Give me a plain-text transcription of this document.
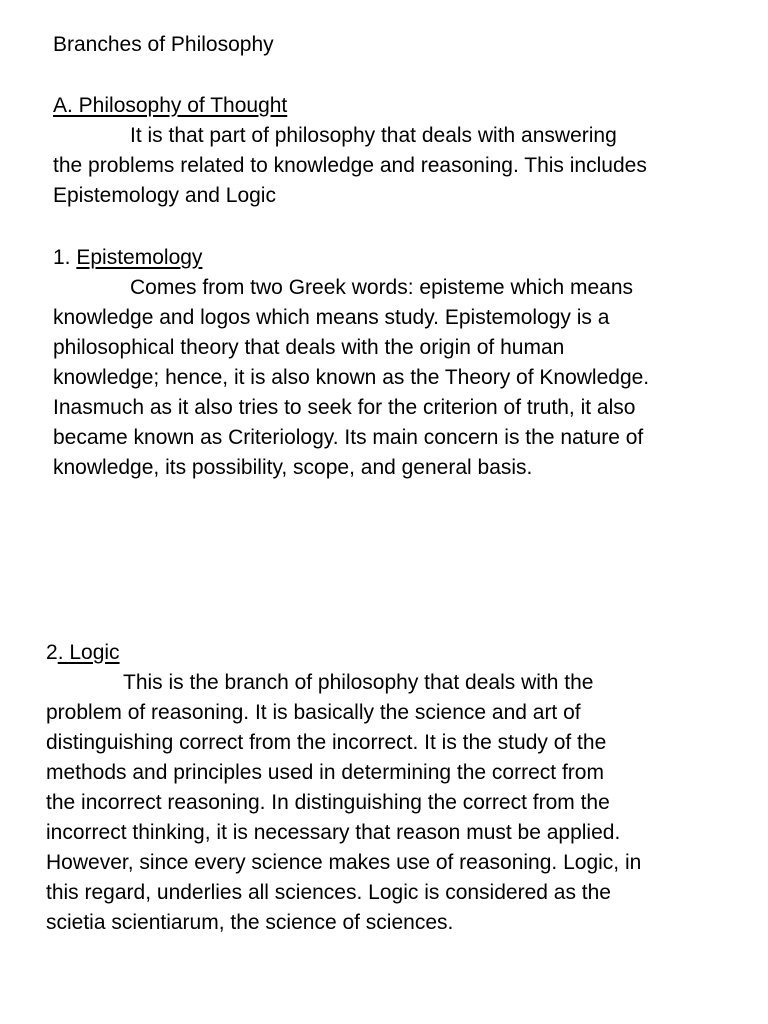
Branches of Philosophy
A. Philosophy of Thought
It is that part of philosophy that deals with answering
the problems related to knowledge and reasoning. This includes
Epistemology and Logic
1. Epistemology
Comes from two Greek words: episteme which means
knowledge and logos which means study. Epistemology is a
philosophical theory that deals with the origin of human
knowledge; hence, it is also known as the Theory of Knowledge.
Inasmuch as it also tries to seek for the criterion of truth, it also
became known as Criteriology. Its main concern is the nature of
knowledge, its possibility, scope, and general basis.
2. Logic
This is the branch of philosophy that deals with the
problem of reasoning. It is basically the science and art of
distinguishing correct from the incorrect. It is the study of the
methods and principles used in determining the correct from
the incorrect reasoning. In distinguishing the correct from the
incorrect thinking, it is necessary that reason must be applied.
However, since every science makes use of reasoning. Logic, in
this regard, underlies all sciences. Logic is considered as the
scietia scientiarum, the science of sciences.
